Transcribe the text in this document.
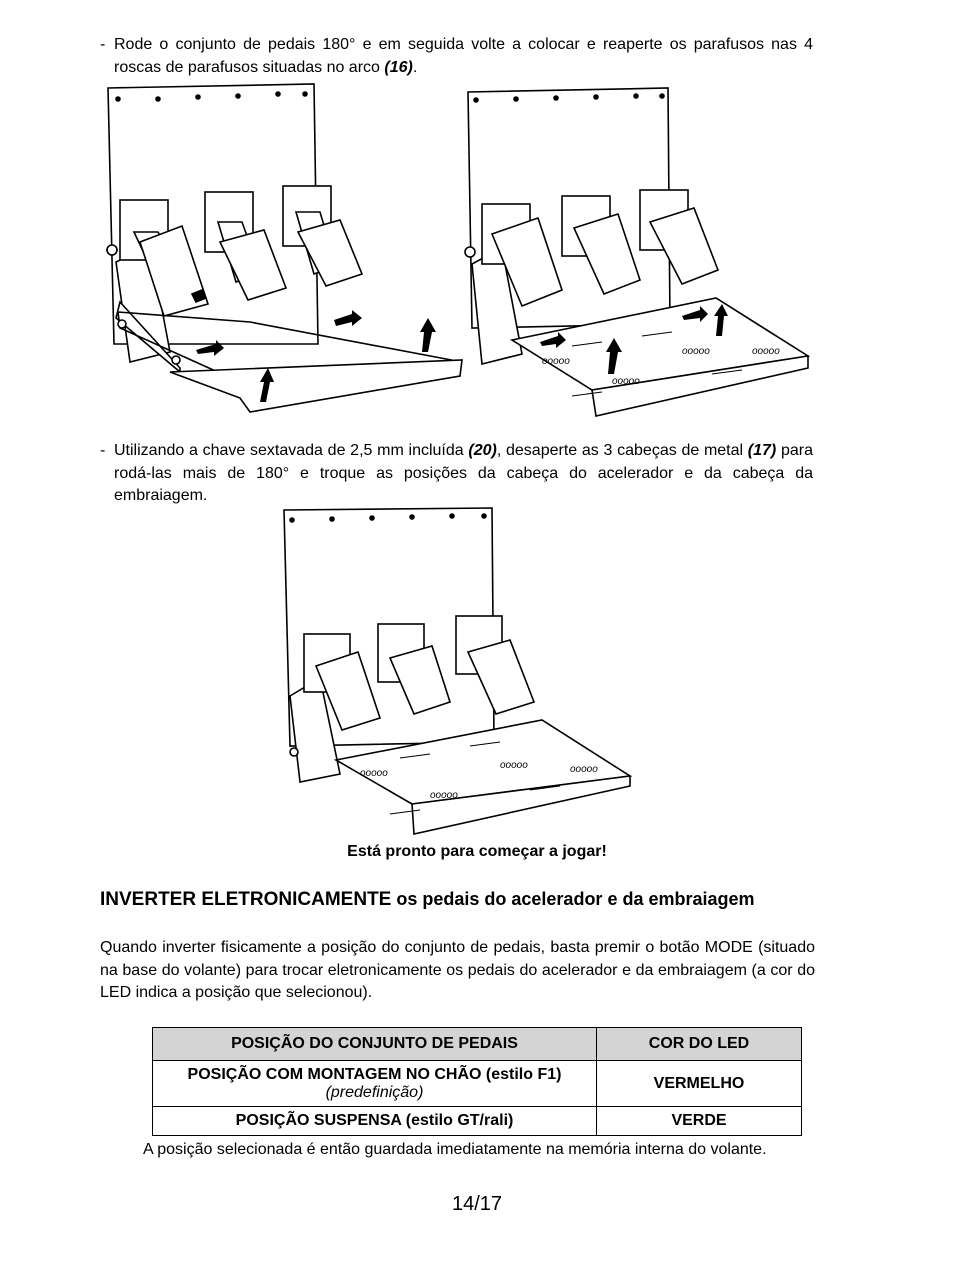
- Rode o conjunto de pedais 180° e em seguida volte a colocar e reaperte os parafusos nas 4 roscas de parafusos situadas no arco (16).
ooooo
ooooo
ooooo	ooooo
- Utilizando a chave sextavada de 2,5 mm incluída (20), desaperte as 3 cabeças de metal (17) para rodá-las mais de 180° e troque as posições da cabeça do acelerador e da cabeça da embraiagem.
ooooo
ooooo
ooooo	ooooo
Está pronto para começar a jogar!
INVERTER ELETRONICAMENTE os pedais do acelerador e da embraiagem
Quando inverter fisicamente a posição do conjunto de pedais, basta premir o botão MODE (situado na base do volante) para trocar eletronicamente os pedais do acelerador e da embraiagem (a cor do LED indica a posição que selecionou).
POSIÇÃO DO CONJUNTO DE PEDAIS	COR DO LED
POSIÇÃO COM MONTAGEM NO CHÃO (estilo F1)
(predefinição)	VERMELHO
POSIÇÃO SUSPENSA (estilo GT/rali)	VERDE
A posição selecionada é então guardada imediatamente na memória interna do volante.
14/17
